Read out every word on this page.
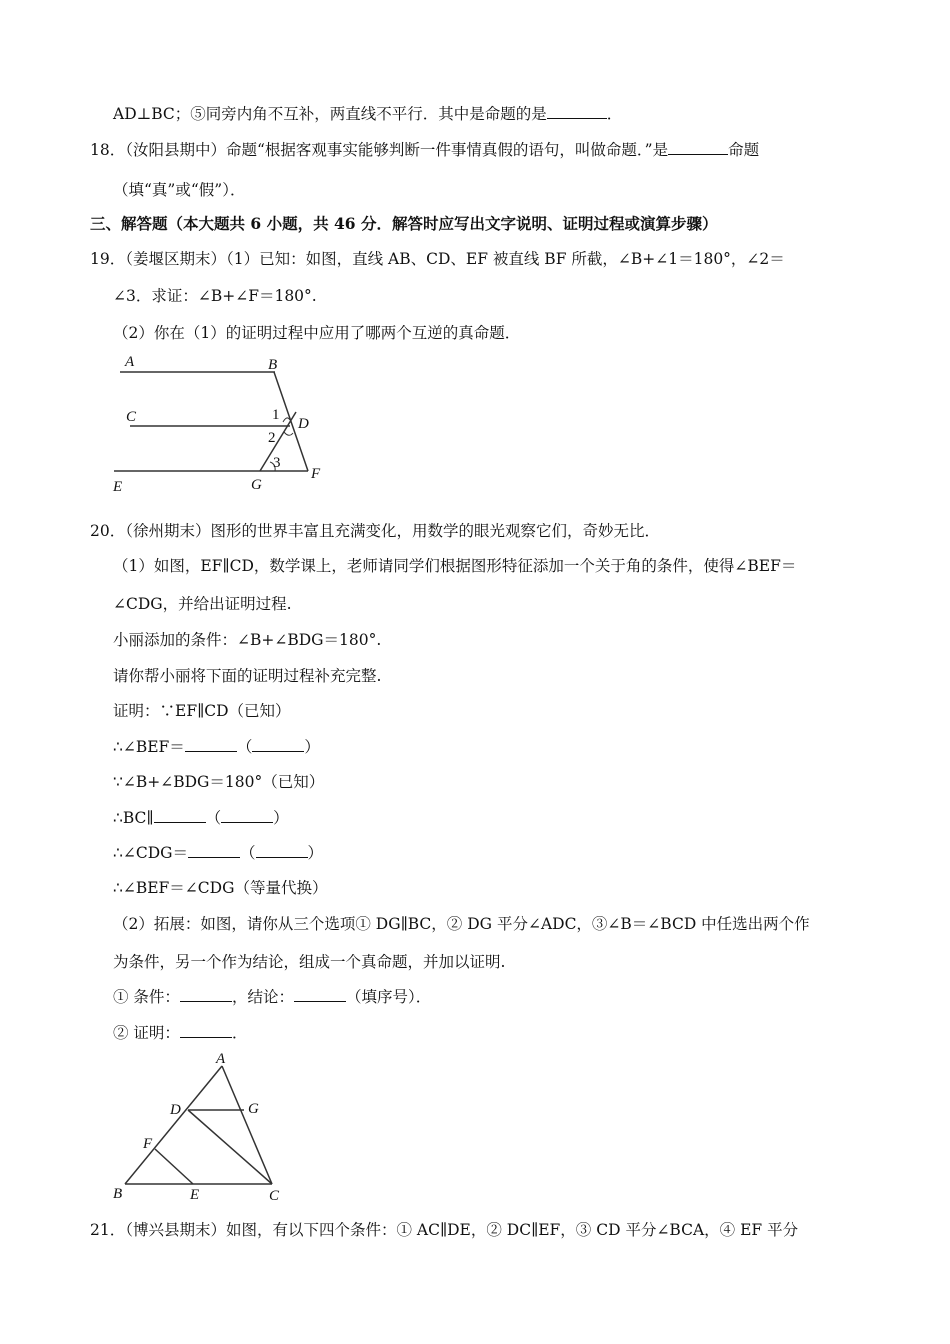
AD⊥BC；⑤同旁内角不互补，两直线不平行．其中是命题的是	．
18．（汝阳县期中）命题“根据客观事实能够判断一件事情真假的语句，叫做命题．”是	命题
（填“真”或“假”）．
三、解答题（本大题共 6 小题，共 46 分．解答时应写出文字说明、证明过程或演算步骤）
19．（姜堰区期末）（1）已知：如图，直线 AB、CD、EF 被直线 BF 所截，∠B+∠1＝180°，∠2＝
∠3．求证：∠B+∠F＝180°.
（2）你在（1）的证明过程中应用了哪两个互逆的真命题．
A	B
C	D
E
F
G
1
2
3
20．（徐州期末）图形的世界丰富且充满变化，用数学的眼光观察它们，奇妙无比．
（1）如图，EF∥CD，数学课上，老师请同学们根据图形特征添加一个关于角的条件，使得∠BEF＝
∠CDG，并给出证明过程.
小丽添加的条件：∠B+∠BDG＝180°.
请你帮小丽将下面的证明过程补充完整.
证明：∵EF∥CD（已知）
∴∠BEF＝	（	）
∵∠B+∠BDG＝180°（已知）
∴BC∥	（	）
∴∠CDG＝	（	）
∴∠BEF＝∠CDG（等量代换）
（2）拓展：如图，请你从三个选项① DG∥BC，② DG 平分∠ADC，③∠B＝∠BCD 中任选出两个作
为条件，另一个作为结论，组成一个真命题，并加以证明.
① 条件：	，结论：	（填序号）．
② 证明：	．
A
D	G
F
B	E	C
21．（博兴县期末）如图，有以下四个条件：① AC∥DE，② DC∥EF，③ CD 平分∠BCA，④ EF 平分
